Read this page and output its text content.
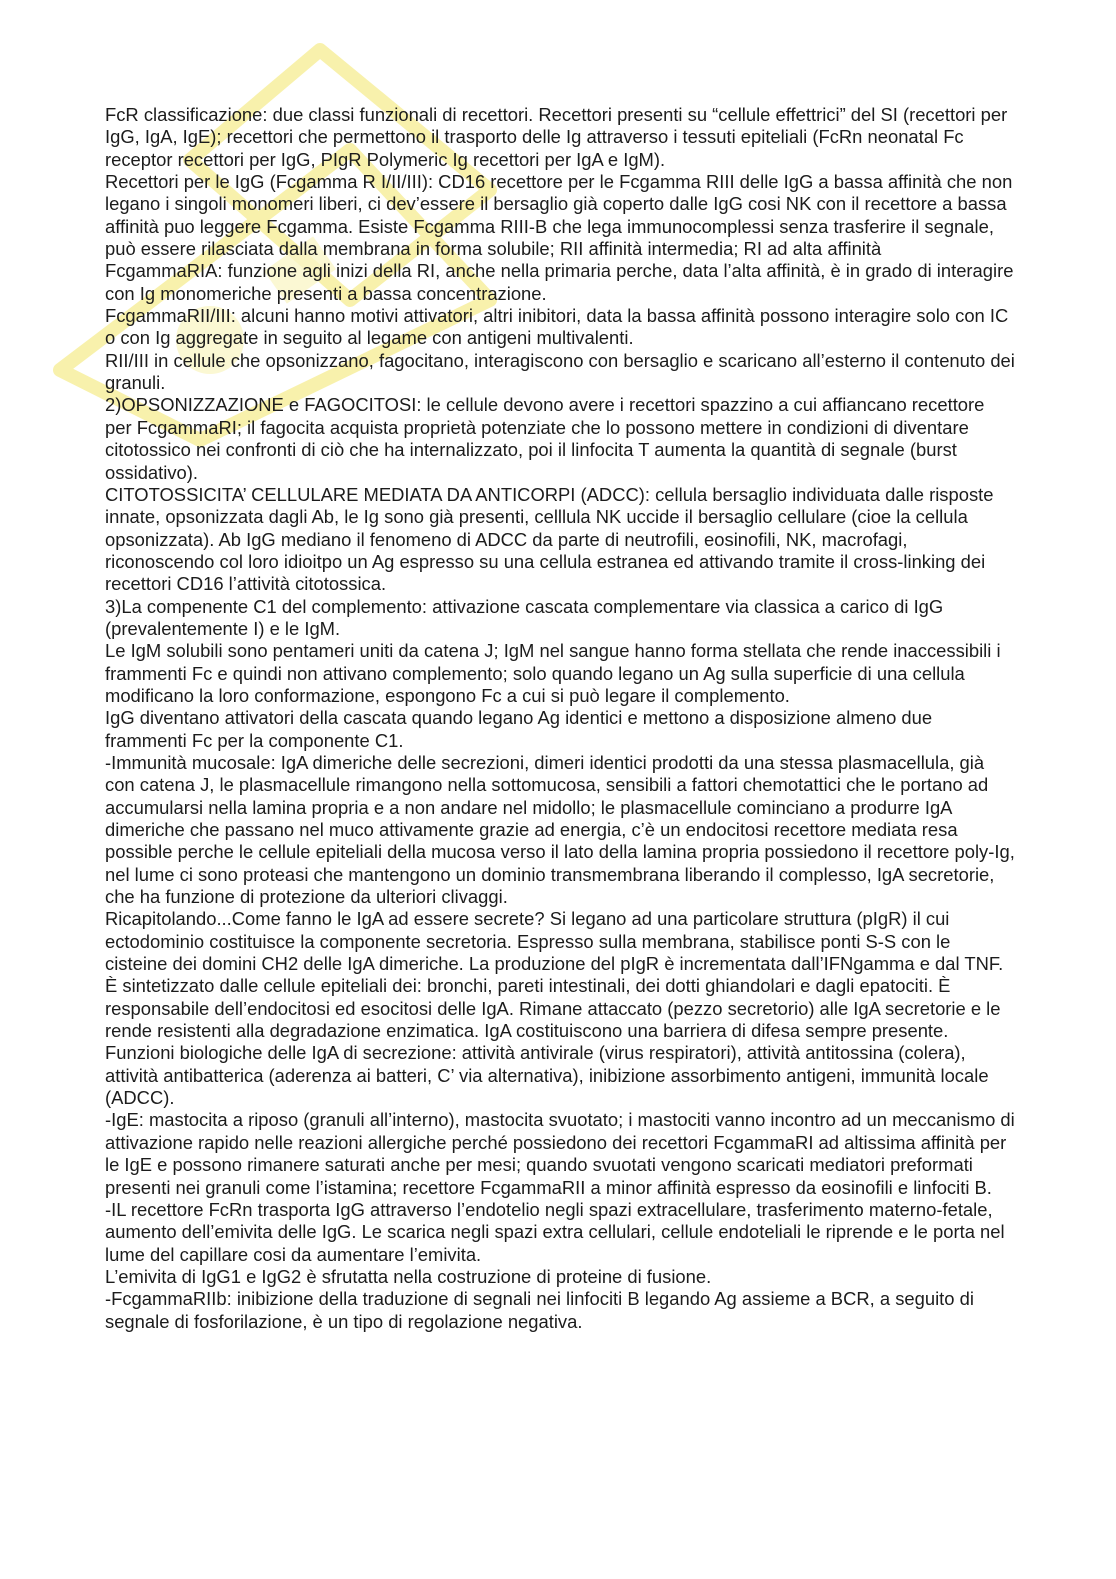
FcR classificazione: due classi funzionali di recettori. Recettori presenti su “cellule effettrici” del SI (recettori per IgG, IgA, IgE); recettori che permettono il trasporto delle Ig attraverso i tessuti epiteliali (FcRn neonatal Fc receptor recettori per IgG, PIgR Polymeric Ig recettori per IgA e IgM).

Recettori per le IgG (Fcgamma R I/II/III): CD16 recettore per le Fcgamma RIII delle IgG a bassa affinità che non legano i singoli monomeri liberi, ci dev’essere il bersaglio già coperto dalle IgG cosi NK con il recettore a bassa affinità puo leggere Fcgamma. Esiste Fcgamma RIII-B che lega immunocomplessi senza trasferire il segnale, può essere rilasciata dalla membrana in forma solubile; RII affinità intermedia; RI ad alta affinità

FcgammaRIA: funzione agli inizi della RI, anche nella primaria perche, data l’alta affinità, è in grado di interagire con Ig monomeriche presenti a bassa concentrazione.

FcgammaRII/III: alcuni hanno motivi attivatori, altri inibitori, data la bassa affinità possono interagire solo con IC o con Ig aggregate in seguito al legame con antigeni multivalenti.

RII/III in cellule che opsonizzano, fagocitano, interagiscono con bersaglio e scaricano all’esterno il contenuto dei granuli.

2)OPSONIZZAZIONE e FAGOCITOSI: le cellule devono avere i recettori spazzino a cui affiancano recettore per FcgammaRI; il fagocita acquista proprietà potenziate che lo possono mettere in condizioni di diventare citotossico nei confronti di ciò che ha internalizzato, poi il linfocita T aumenta la quantità di segnale (burst ossidativo).

CITOTOSSICITA’ CELLULARE MEDIATA DA ANTICORPI (ADCC): cellula bersaglio individuata dalle risposte innate, opsonizzata dagli Ab, le Ig sono già presenti, celllula NK uccide il bersaglio cellulare (cioe la cellula opsonizzata). Ab IgG mediano il fenomeno di ADCC da parte di neutrofili, eosinofili, NK, macrofagi, riconoscendo col loro idioitpo un Ag espresso su una cellula estranea ed attivando tramite il cross-linking dei recettori CD16 l’attività citotossica.

3)La compenente C1 del complemento: attivazione cascata complementare via classica a carico di IgG (prevalentemente I) e le IgM.

Le IgM solubili sono pentameri uniti da catena J; IgM nel sangue hanno forma stellata che rende inaccessibili i frammenti Fc e quindi non attivano complemento; solo quando legano un Ag sulla superficie di una cellula modificano la loro conformazione, espongono Fc a cui si può legare il complemento.

IgG diventano attivatori della cascata quando legano Ag identici e mettono a disposizione almeno due frammenti Fc per la componente C1.

-Immunità mucosale: IgA dimeriche delle secrezioni, dimeri identici prodotti da una stessa plasmacellula, già con catena J, le plasmacellule rimangono nella sottomucosa, sensibili a fattori chemotattici che le portano ad accumularsi nella lamina propria e a non andare nel midollo; le plasmacellule cominciano a produrre IgA dimeriche che passano nel muco attivamente grazie ad energia, c’è un endocitosi recettore mediata resa possible perche le cellule epiteliali della mucosa verso il lato della lamina propria possiedono il recettore poly-Ig, nel lume ci sono proteasi che mantengono un dominio transmembrana liberando il complesso, IgA secretorie, che ha funzione di protezione da ulteriori clivaggi.

Ricapitolando...Come fanno le IgA ad essere secrete? Si legano ad una particolare struttura (pIgR) il cui ectodominio costituisce la componente secretoria. Espresso sulla membrana, stabilisce ponti S-S con le cisteine dei domini CH2 delle IgA dimeriche. La produzione del pIgR è incrementata dall’IFNgamma e dal TNF. È sintetizzato dalle cellule epiteliali dei: bronchi, pareti intestinali, dei dotti ghiandolari e dagli epatociti. È responsabile dell’endocitosi ed esocitosi delle IgA. Rimane attaccato (pezzo secretorio) alle IgA secretorie e le rende resistenti alla degradazione enzimatica. IgA costituiscono una barriera di difesa sempre presente.

Funzioni biologiche delle IgA di secrezione: attività antivirale (virus respiratori), attività antitossina (colera), attività antibatterica (aderenza ai batteri, C’ via alternativa), inibizione assorbimento antigeni, immunità locale (ADCC).

-IgE: mastocita a riposo (granuli all’interno), mastocita svuotato; i mastociti vanno incontro ad un meccanismo di attivazione rapido nelle reazioni allergiche perché possiedono dei recettori FcgammaRI ad altissima affinità per le IgE e possono rimanere saturati anche per mesi; quando svuotati vengono scaricati mediatori preformati presenti nei granuli come l’istamina; recettore FcgammaRII a minor affinità espresso da eosinofili e linfociti B.

-IL recettore FcRn trasporta IgG attraverso l’endotelio negli spazi extracellulare, trasferimento materno-fetale, aumento dell’emivita delle IgG. Le scarica negli spazi extra cellulari, cellule endoteliali le riprende e le porta nel lume del capillare cosi da aumentare l’emivita.

L’emivita di IgG1 e IgG2 è sfrutatta nella costruzione di proteine di fusione.

-FcgammaRIIb: inibizione della traduzione di segnali nei linfociti B legando Ag assieme a BCR, a seguito di segnale di fosforilazione, è un tipo di regolazione negativa.
